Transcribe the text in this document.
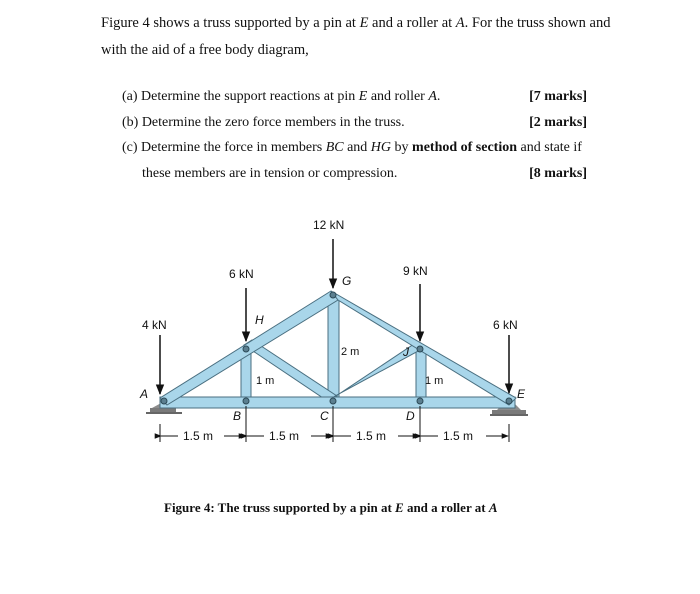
Figure 4 shows a truss supported by a pin at E and a roller at A. For the truss shown and with the aid of a free body diagram,
(a) Determine the support reactions at pin E and roller A.	[7 marks]
(b) Determine the zero force members in the truss.	[2 marks]
(c) Determine the force in members BC and HG by method of section and state if
these members are in tension or compression.	[8 marks]
4 kN
6 kN
12 kN
9 kN
6 kN
A
H
G
J
E
B	C	D
1 m
2 m
1 m
1.5 m	1.5 m	1.5 m	1.5 m
Figure 4: The truss supported by a pin at E and a roller at A
